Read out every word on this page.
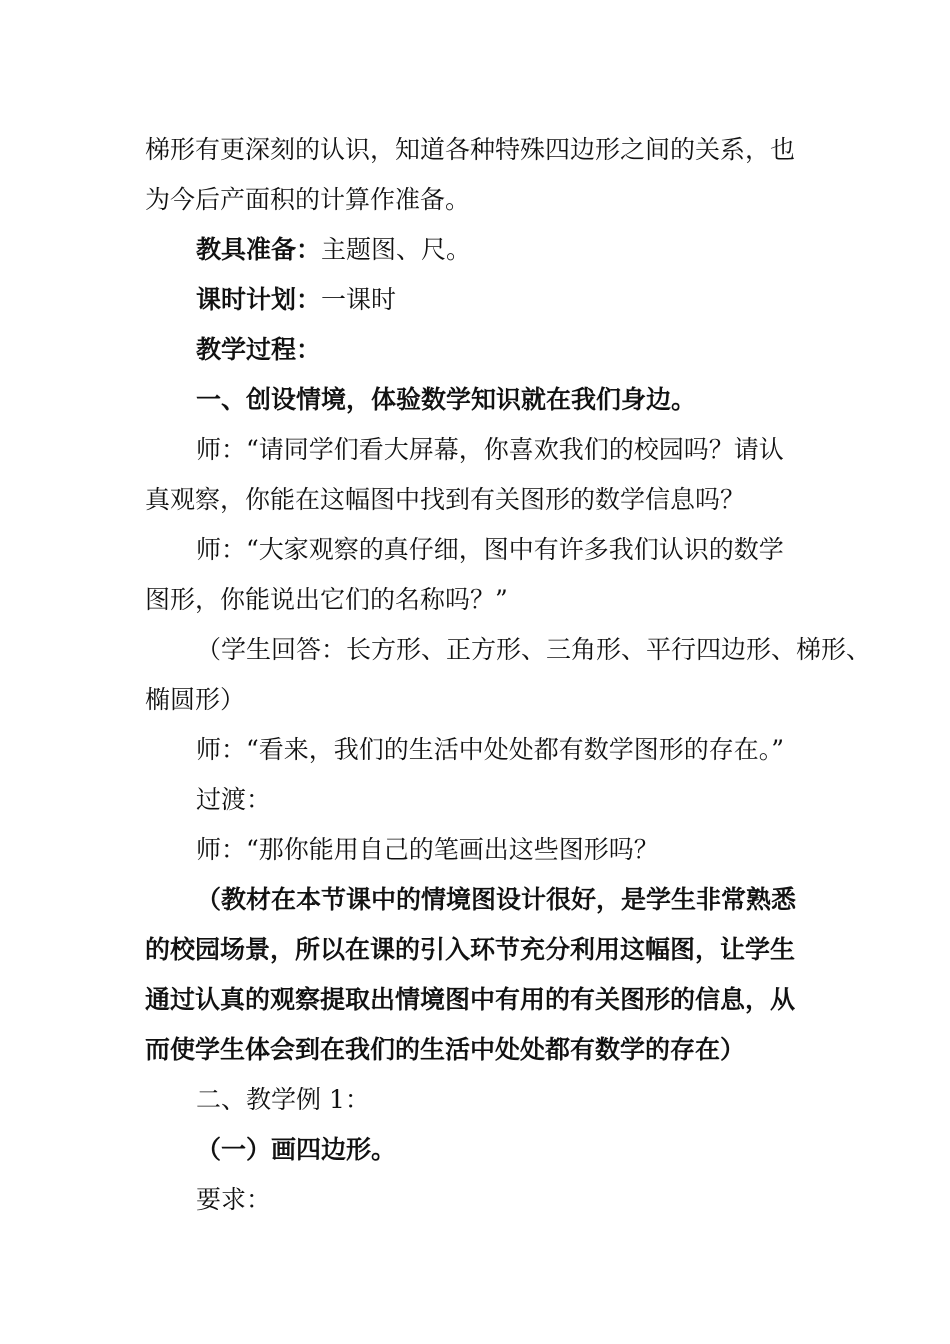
梯形有更深刻的认识，知道各种特殊四边形之间的关系，也
为今后产面积的计算作准备。
教具准备：主题图、尺。
课时计划：一课时
教学过程：
一、创设情境，体验数学知识就在我们身边。
师：“请同学们看大屏幕，你喜欢我们的校园吗？请认
真观察，你能在这幅图中找到有关图形的数学信息吗？
师：“大家观察的真仔细，图中有许多我们认识的数学
图形，你能说出它们的名称吗？”
（学生回答：长方形、正方形、三角形、平行四边形、梯形、
椭圆形）
师：“看来，我们的生活中处处都有数学图形的存在。”
过渡：
师：“那你能用自己的笔画出这些图形吗？
（教材在本节课中的情境图设计很好，是学生非常熟悉
的校园场景，所以在课的引入环节充分利用这幅图，让学生
通过认真的观察提取出情境图中有用的有关图形的信息，从
而使学生体会到在我们的生活中处处都有数学的存在）
二、教学例 1：
（一）画四边形。
要求：
